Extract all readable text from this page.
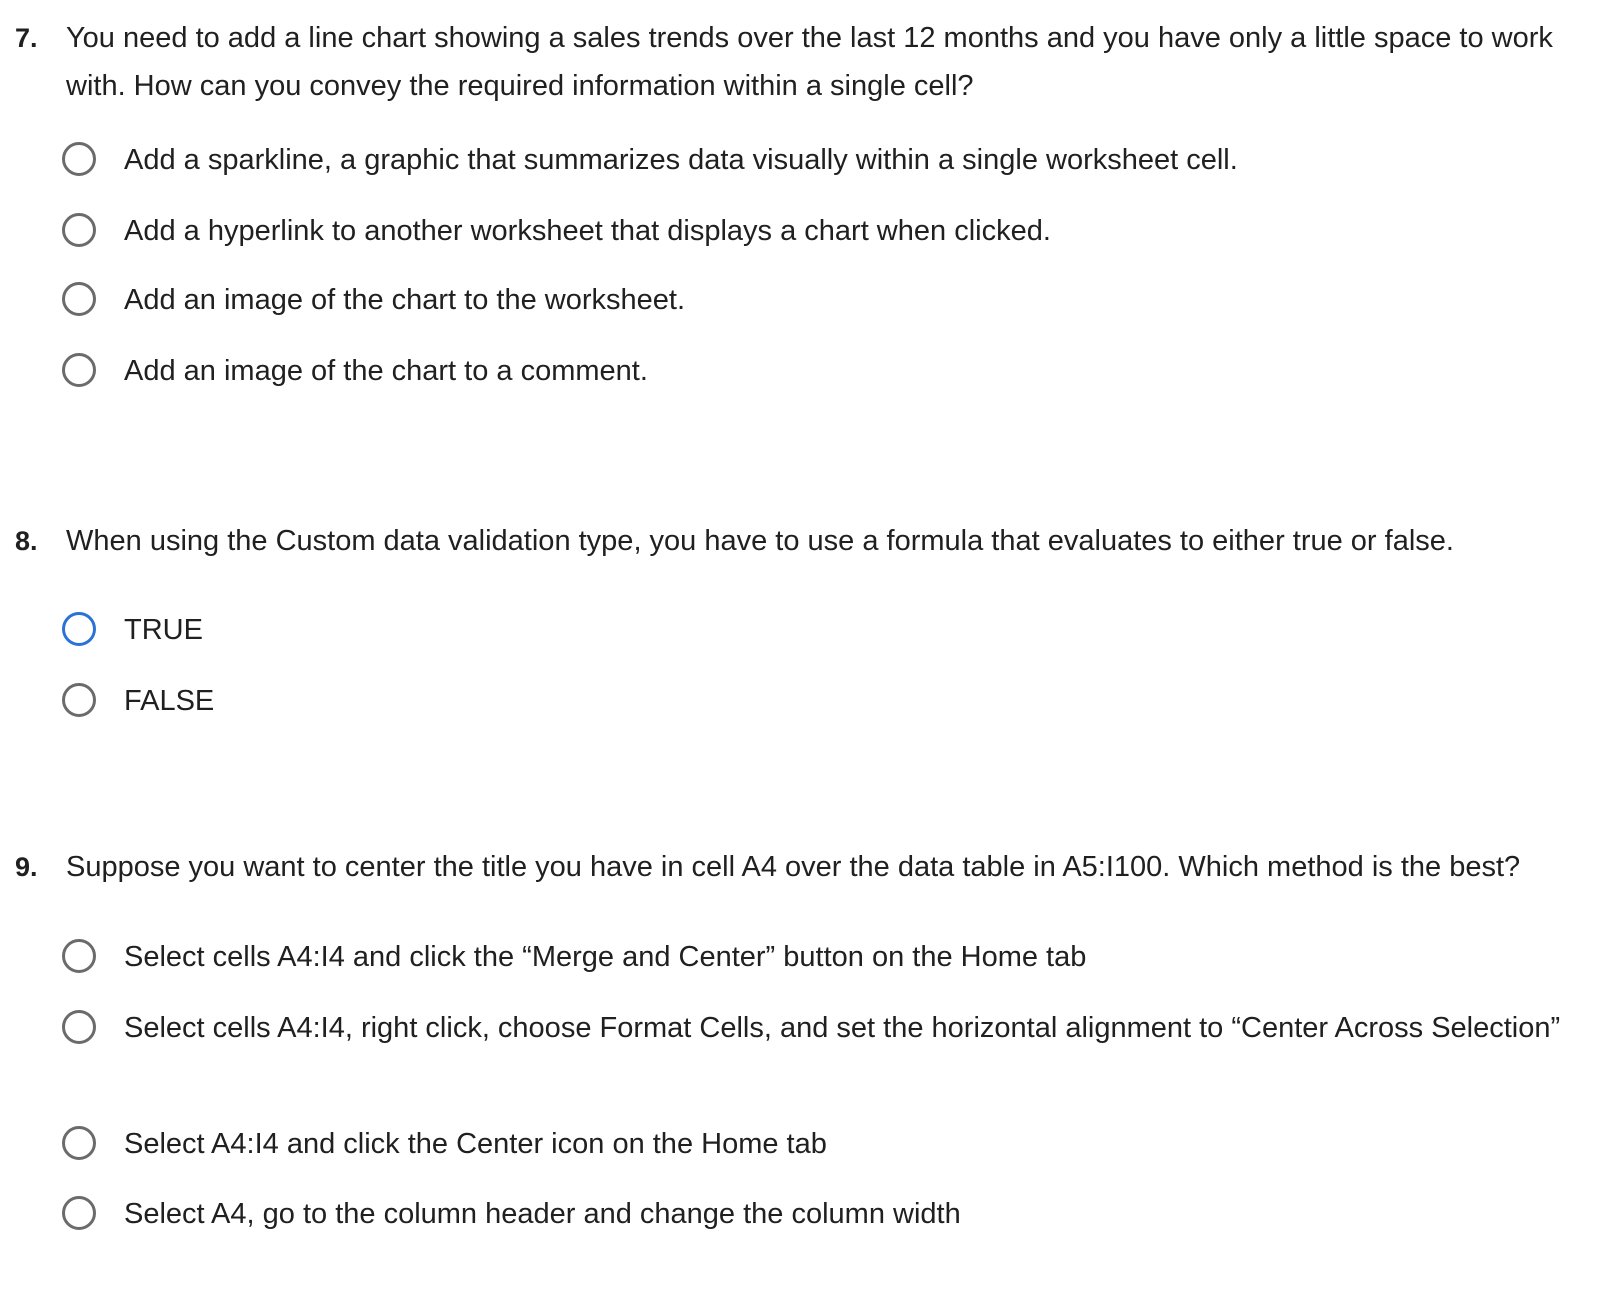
7. You need to add a line chart showing a sales trends over the last 12 months and you have only a little space to work with. How can you convey the required information within a single cell?
Add a sparkline, a graphic that summarizes data visually within a single worksheet cell.
Add a hyperlink to another worksheet that displays a chart when clicked.
Add an image of the chart to the worksheet.
Add an image of the chart to a comment.
8. When using the Custom data validation type, you have to use a formula that evaluates to either true or false.
TRUE
FALSE
9. Suppose you want to center the title you have in cell A4 over the data table in A5:I100. Which method is the best?
Select cells A4:I4 and click the “Merge and Center” button on the Home tab
Select cells A4:I4, right click, choose Format Cells, and set the horizontal alignment to “Center Across Selection”
Select A4:I4 and click the Center icon on the Home tab
Select A4, go to the column header and change the column width
